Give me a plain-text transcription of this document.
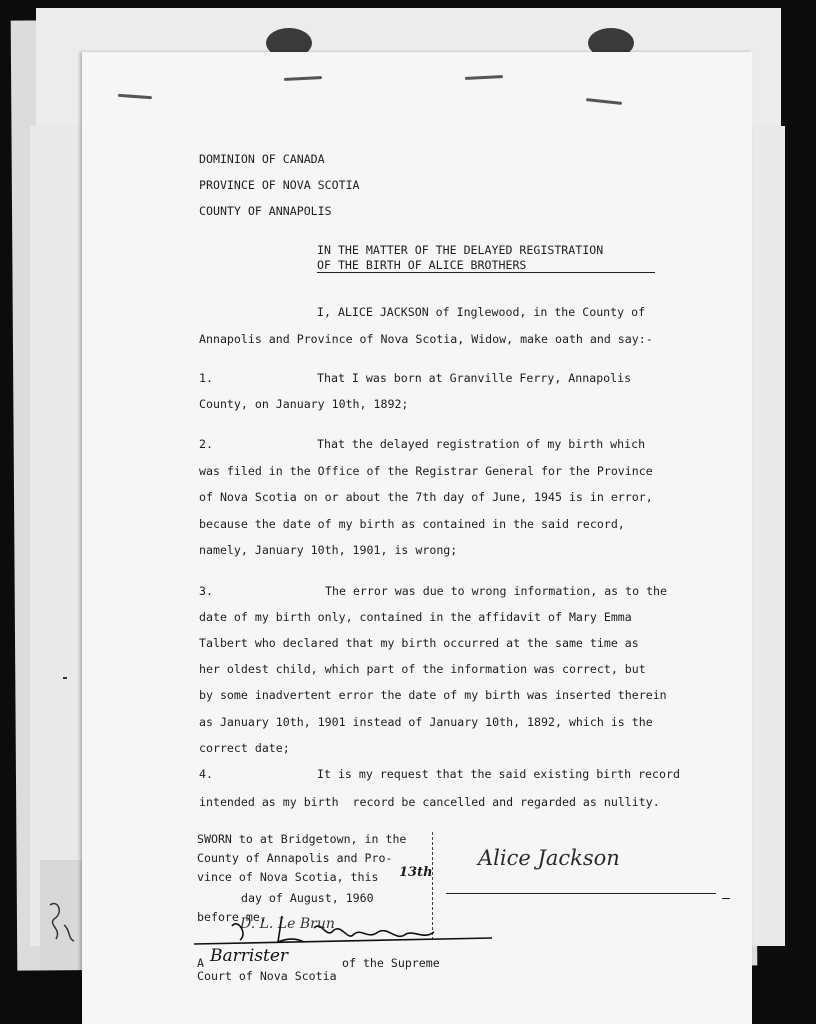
DOMINION OF CANADA
PROVINCE OF NOVA SCOTIA
COUNTY OF ANNAPOLIS
IN THE MATTER OF THE DELAYED REGISTRATION
OF THE BIRTH OF ALICE BROTHERS
I, ALICE JACKSON of Inglewood, in the County of
Annapolis and Province of Nova Scotia, Widow, make oath and say:-
1.	That I was born at Granville Ferry, Annapolis
County, on January 10th, 1892;
2.	That the delayed registration of my birth which
was filed in the Office of the Registrar General for the Province
of Nova Scotia on or about the 7th day of June, 1945 is in error,
because the date of my birth as contained in the said record,
namely, January 10th, 1901, is wrong;
3.	The error was due to wrong information, as to the
date of my birth only, contained in the affidavit of Mary Emma
Talbert who declared that my birth occurred at the same time as
her oldest child, which part of the information was correct, but
by some inadvertent error the date of my birth was inserted therein
as January 10th, 1901 instead of January 10th, 1892, which is the
correct date;
4.	It is my request that the said existing birth record
intended as my birth  record be cancelled and regarded as nullity.
SWORN to at Bridgetown, in the
County of Annapolis and Pro-
vince of Nova Scotia, this 13th
day of August, 1960
before me,
A	of the Supreme
Court of Nova Scotia
Barrister
Alice Jackson
D. L. Le Brun
